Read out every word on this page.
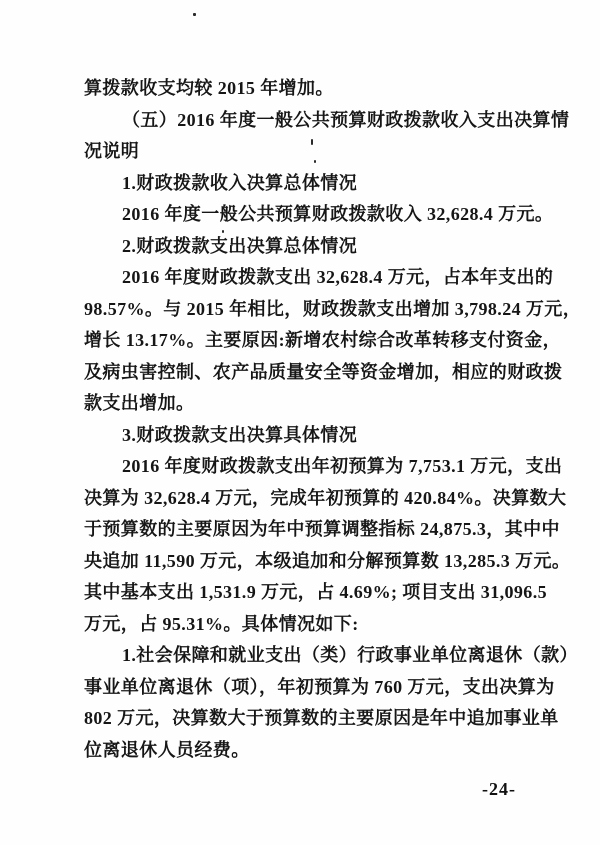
算拨款收支均较 2015 年增加。
（五）2016 年度一般公共预算财政拨款收入支出决算情
况说明
1.财政拨款收入决算总体情况
2016 年度一般公共预算财政拨款收入 32,628.4 万元。
2.财政拨款支出决算总体情况
2016 年度财政拨款支出 32,628.4 万元，占本年支出的
98.57%。与 2015 年相比，财政拨款支出增加 3,798.24 万元，
增长 13.17%。主要原因:新增农村综合改革转移支付资金，
及病虫害控制、农产品质量安全等资金增加，相应的财政拨
款支出增加。
3.财政拨款支出决算具体情况
2016 年度财政拨款支出年初预算为 7,753.1 万元，支出
决算为 32,628.4 万元，完成年初预算的 420.84%。决算数大
于预算数的主要原因为年中预算调整指标 24,875.3，其中中
央追加 11,590 万元，本级追加和分解预算数 13,285.3 万元。
其中基本支出 1,531.9 万元，占 4.69%; 项目支出 31,096.5
万元，占 95.31%。具体情况如下:
1.社会保障和就业支出（类）行政事业单位离退休（款）
事业单位离退休（项），年初预算为 760 万元，支出决算为
802 万元，决算数大于预算数的主要原因是年中追加事业单
位离退休人员经费。
-24-
